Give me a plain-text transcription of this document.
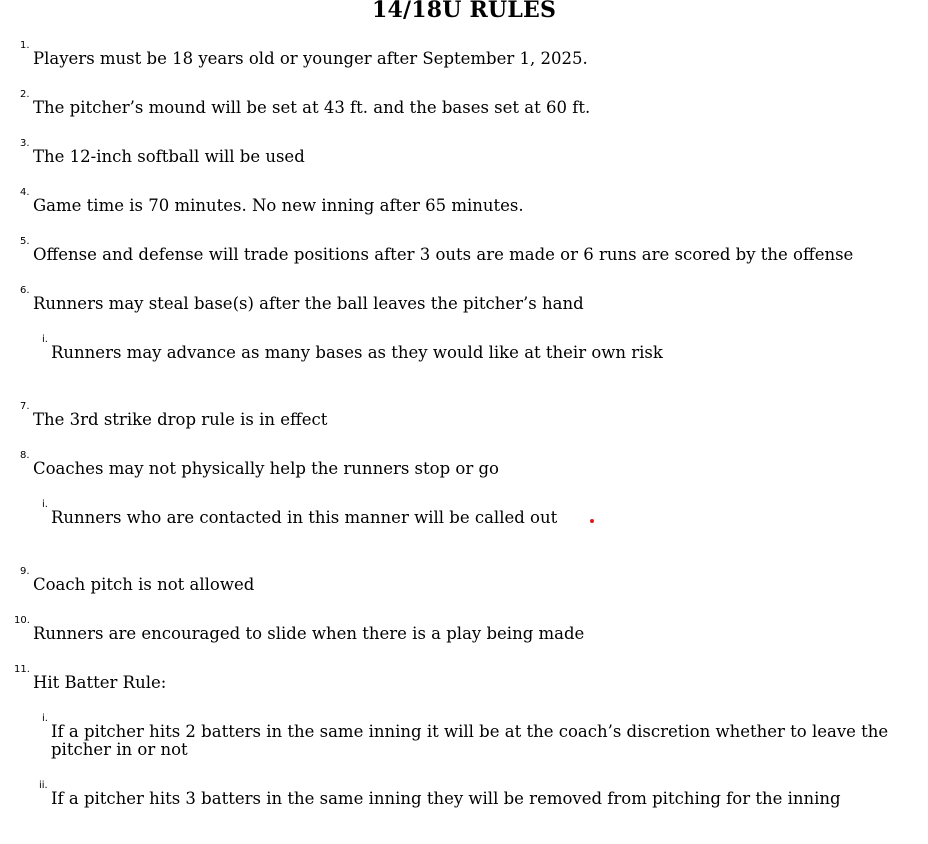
14/18U RULES
1.
Players must be 18 years old or younger after September 1, 2025.
2.
The pitcher’s mound will be set at 43 ft. and the bases set at 60 ft.
3.
The 12-inch softball will be used
4.
Game time is 70 minutes. No new inning after 65 minutes.
5.
Offense and defense will trade positions after 3 outs are made or 6 runs are scored by the offense
6.
Runners may steal base(s) after the ball leaves the pitcher’s hand
i.
Runners may advance as many bases as they would like at their own risk
7.
The 3rd strike drop rule is in effect
8.
Coaches may not physically help the runners stop or go
i.
Runners who are contacted in this manner will be called out
9.
Coach pitch is not allowed
10.
Runners are encouraged to slide when there is a play being made
11.
Hit Batter Rule:
i.
If a pitcher hits 2 batters in the same inning it will be at the coach’s discretion whether to leave the pitcher in or not
ii.
If a pitcher hits 3 batters in the same inning they will be removed from pitching for the inning
